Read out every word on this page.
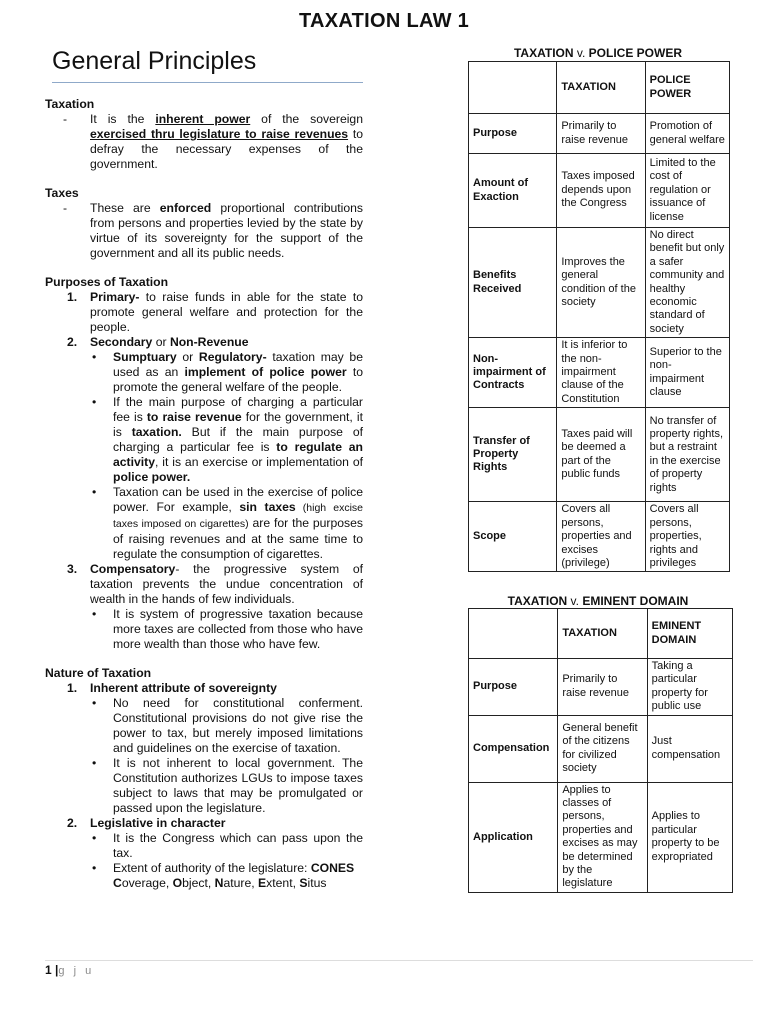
TAXATION LAW 1
General Principles
Taxation
-	It is the inherent power of the sovereign exercised thru legislature to raise revenues to defray the necessary expenses of the government.
Taxes
-	These are enforced proportional contributions from persons and properties levied by the state by virtue of its sovereignty for the support of the government and all its public needs.
Purposes of Taxation
1.	Primary- to raise funds in able for the state to promote general welfare and protection for the people.
2.	Secondary or Non-Revenue
•	Sumptuary or Regulatory- taxation may be used as an implement of police power to promote the general welfare of the people.
•	If the main purpose of charging a particular fee is to raise revenue for the government, it is taxation. But if the main purpose of charging a particular fee is to regulate an activity, it is an exercise or implementation of police power.
•	Taxation can be used in the exercise of police power. For example, sin taxes (high excise taxes imposed on cigarettes) are for the purposes of raising revenues and at the same time to regulate the consumption of cigarettes.
3.	Compensatory- the progressive system of taxation prevents the undue concentration of wealth in the hands of few individuals.
•	It is system of progressive taxation because more taxes are collected from those who have more wealth than those who have few.
Nature of Taxation
1.	Inherent attribute of sovereignty
•	No need for constitutional conferment. Constitutional provisions do not give rise the power to tax, but merely imposed limitations and guidelines on the exercise of taxation.
•	It is not inherent to local government. The Constitution authorizes LGUs to impose taxes subject to laws that may be promulgated or passed upon the legislature.
2.	Legislative in character
•	It is the Congress which can pass upon the tax.
•	Extent of authority of the legislature: CONES Coverage, Object, Nature, Extent, Situs
TAXATION v. POLICE POWER
	TAXATION	POLICE POWER
Purpose	Primarily to raise revenue	Promotion of general welfare
Amount of Exaction	Taxes imposed depends upon the Congress	Limited to the cost of regulation or issuance of license
Benefits Received	Improves the general condition of the society	No direct benefit but only a safer community and healthy economic standard of society
Non-impairment of Contracts	It is inferior to the non-impairment clause of the Constitution	Superior to the non-impairment clause
Transfer of Property Rights	Taxes paid will be deemed a part of the public funds	No transfer of property rights, but a restraint in the exercise of property rights
Scope	Covers all persons, properties and excises (privilege)	Covers all persons, properties, rights and privileges
TAXATION v. EMINENT DOMAIN
	TAXATION	EMINENT DOMAIN
Purpose	Primarily to raise revenue	Taking a particular property for public use
Compensation	General benefit of the citizens for civilized society	Just compensation
Application	Applies to classes of persons, properties and excises as may be determined by the legislature	Applies to particular property to be expropriated
1 |g j u
